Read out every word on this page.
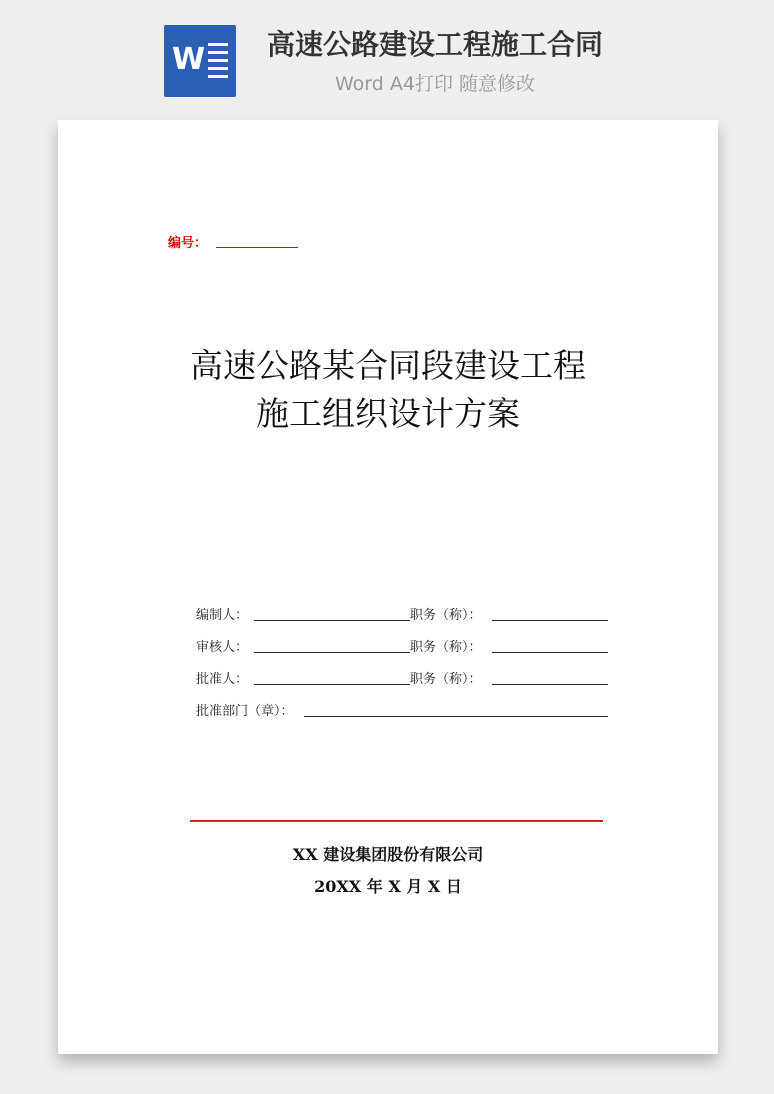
W	高速公路建设工程施工合同
Word A4打印 随意修改
编号：
高速公路某合同段建设工程
施工组织设计方案
编制人：	职务（称）：
审核人：	职务（称）：
批准人：	职务（称）：
批准部门（章）：
XX 建设集团股份有限公司
20XX 年 X 月 X 日
